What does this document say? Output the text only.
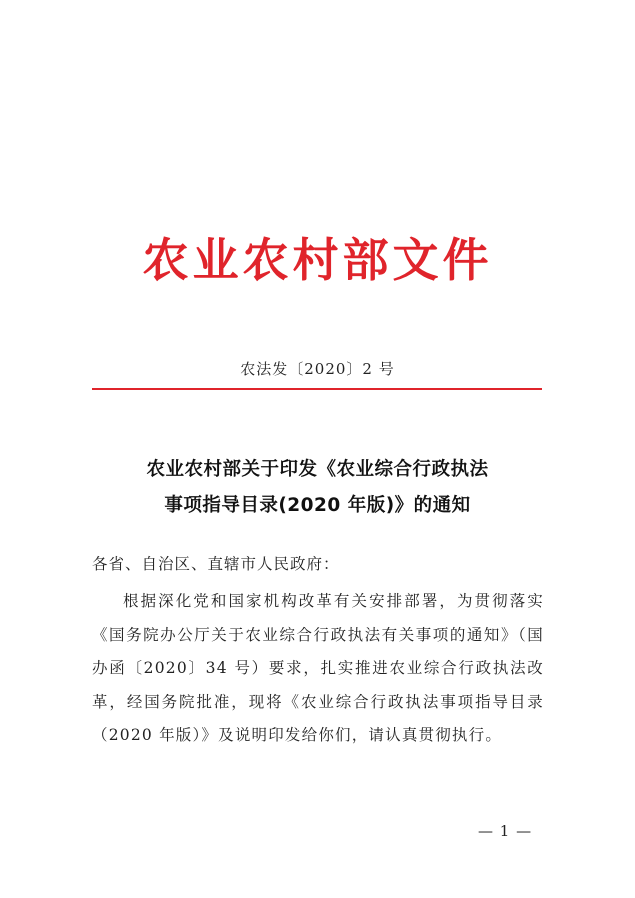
农业农村部文件
农法发〔2020〕2 号
农业农村部关于印发《农业综合行政执法
事项指导目录(2020 年版)》的通知
各省、自治区、直辖市人民政府：
根据深化党和国家机构改革有关安排部署，为贯彻落实《国务院办公厅关于农业综合行政执法有关事项的通知》（国办函〔2020〕34 号）要求，扎实推进农业综合行政执法改革，经国务院批准，现将《农业综合行政执法事项指导目录（2020 年版）》及说明印发给你们，请认真贯彻执行。
— 1 —
